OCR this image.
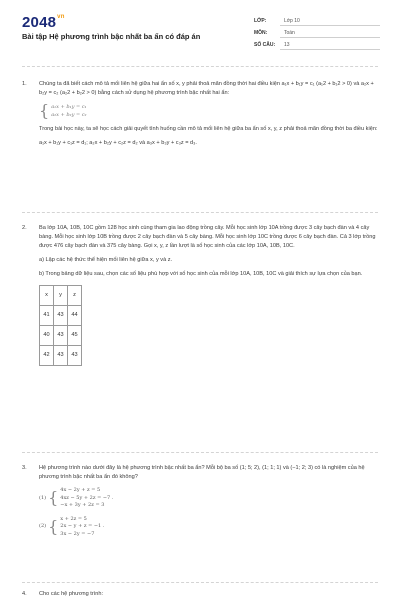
$2048^{vn}$
Bài tập Hệ phương trình bậc nhất ba ẩn có đáp án
LỚP:	Lớp 10
MÔN:	Toán
SỐ CÂU: 13
1. Chúng ta đã biết cách mô tả mối liên hệ giữa hai ẩn số x, y phải thoả mãn đồng thời hai điều kiện a₁x + b₁y = c₁ (a₁2 + b₁2 > 0) và a₂x + b₂y = c₂ (a₂2 + b₂2 > 0) bằng cách sử dụng hệ phương trình bậc nhất hai ẩn:
{ a₁x + b₁y = c₁
a₂x + b₂y = c₂
Trong bài học này, ta sẽ học cách giải quyết tình huống cần mô tả mối liên hệ giữa ba ẩn số x, y, z phải thoả mãn đồng thời ba điều kiện:
a₁x + b₁y + c₁z = d₁; a₂x + b₂y + c₂z = d₂ và a₃x + b₃y + c₃z = d₃.
2. Ba lớp 10A, 10B, 10C gồm 128 học sinh cùng tham gia lao động trồng cây. Mỗi học sinh lớp 10A trồng được 3 cây bạch đàn và 4 cây bàng. Mỗi học sinh lớp 10B trồng được 2 cây bạch đàn và 5 cây bàng. Mỗi học sinh lớp 10C trồng được 6 cây bạch đàn. Cả 3 lớp trồng được 476 cây bạch đàn và 375 cây bàng. Gọi x, y, z lần lượt là số học sinh của các lớp 10A, 10B, 10C.
a) Lập các hệ thức thể hiện mối liên hệ giữa x, y và z.
b) Trong bảng dữ liệu sau, chọn các số liệu phù hợp với số học sinh của mỗi lớp 10A, 10B, 10C và giải thích sự lựa chọn của bạn.
x	y	z
41	43	44
40	43	45
42	43	43
3. Hệ phương trình nào dưới đây là hệ phương trình bậc nhất ba ẩn? Mỗi bộ ba số (1; 5; 2), (1; 1; 1) và (−1; 2; 3) có là nghiệm của hệ phương trình bậc nhất ba ẩn đó không?
(1) { 4x − 2y + z = 5
4xz − 5y + 2z = −7 .
−x + 3y + 2z = 3
(2) { x + 2z = 5
2x − y + z = −1 .
3x − 2y = −7
4. Cho các hệ phương trình:
